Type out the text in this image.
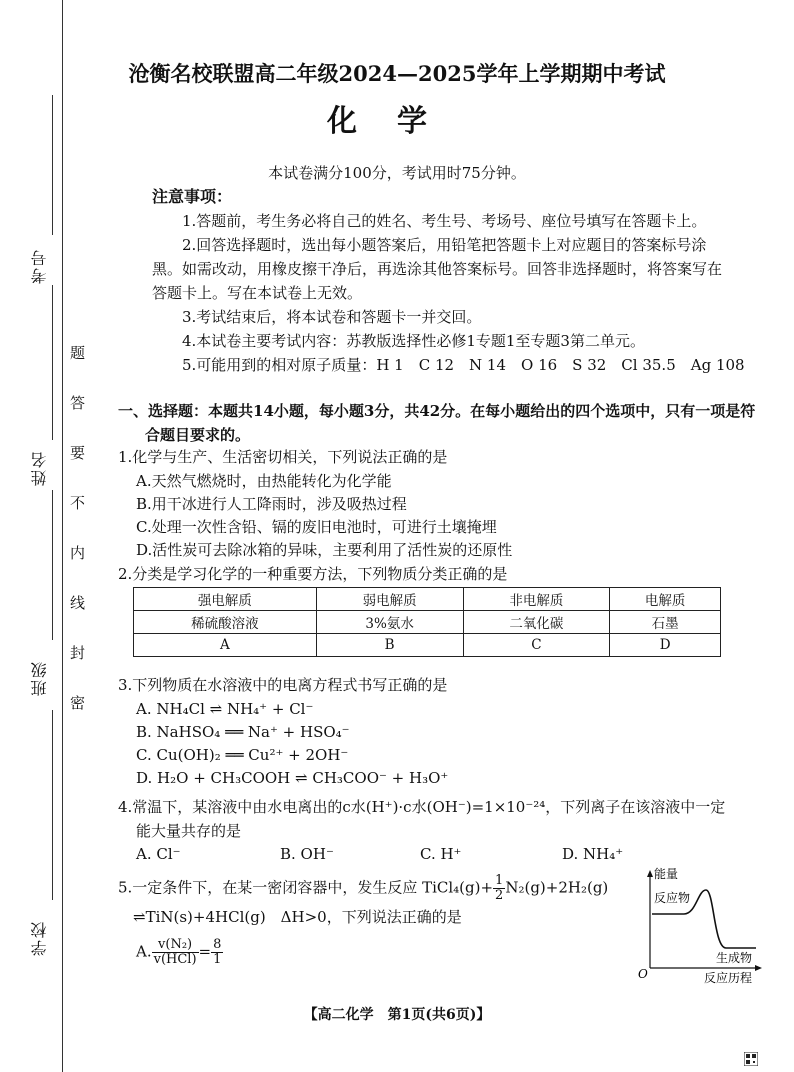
考号
姓名
班级
学校
题
答
要
不
内
线
封
密
沧衡名校联盟高二年级2024—2025学年上学期期中考试
化学
本试卷满分100分，考试用时75分钟。
注意事项：
1.答题前，考生务必将自己的姓名、考生号、考场号、座位号填写在答题卡上。
2.回答选择题时，选出每小题答案后，用铅笔把答题卡上对应题目的答案标号涂
黑。如需改动，用橡皮擦干净后，再选涂其他答案标号。回答非选择题时，将答案写在
答题卡上。写在本试卷上无效。
3.考试结束后，将本试卷和答题卡一并交回。
4.本试卷主要考试内容：苏教版选择性必修1专题1至专题3第二单元。
5.可能用到的相对原子质量：H 1　C 12　N 14　O 16　S 32　Cl 35.5　Ag 108
一、选择题：本题共14小题，每小题3分，共42分。在每小题给出的四个选项中，只有一项是符
合题目要求的。
1.化学与生产、生活密切相关，下列说法正确的是
A.天然气燃烧时，由热能转化为化学能
B.用干冰进行人工降雨时，涉及吸热过程
C.处理一次性含铅、镉的废旧电池时，可进行土壤掩埋
D.活性炭可去除冰箱的异味，主要利用了活性炭的还原性
2.分类是学习化学的一种重要方法，下列物质分类正确的是
强电解质	弱电解质	非电解质	电解质
稀硫酸溶液	3%氨水	二氧化碳	石墨
A	B	C	D
3.下列物质在水溶液中的电离方程式书写正确的是
A. NH₄Cl ⇌ NH₄⁺ + Cl⁻
B. NaHSO₄ ══ Na⁺ + HSO₄⁻
C. Cu(OH)₂ ══ Cu²⁺ + 2OH⁻
D. H₂O + CH₃COOH ⇌ CH₃COO⁻ + H₃O⁺
4.常温下，某溶液中由水电离出的c水(H⁺)·c水(OH⁻)=1×10⁻²⁴，下列离子在该溶液中一定
能大量共存的是
A. Cl⁻	B. OH⁻	C. H⁺	D. NH₄⁺
5.一定条件下，在某一密闭容器中，发生反应 TiCl₄(g)+ $\frac{1}{2} N_2(g)+2H_2(g)$
⇌TiN(s)+4HCl(g)　ΔH>0，下列说法正确的是
A. $\frac{\text{v(N₂)}}{\text{v(HCl)}} = \frac{8}{1}$
能量
反应物
生成物
O	反应历程
【高二化学　第1页(共6页)】
